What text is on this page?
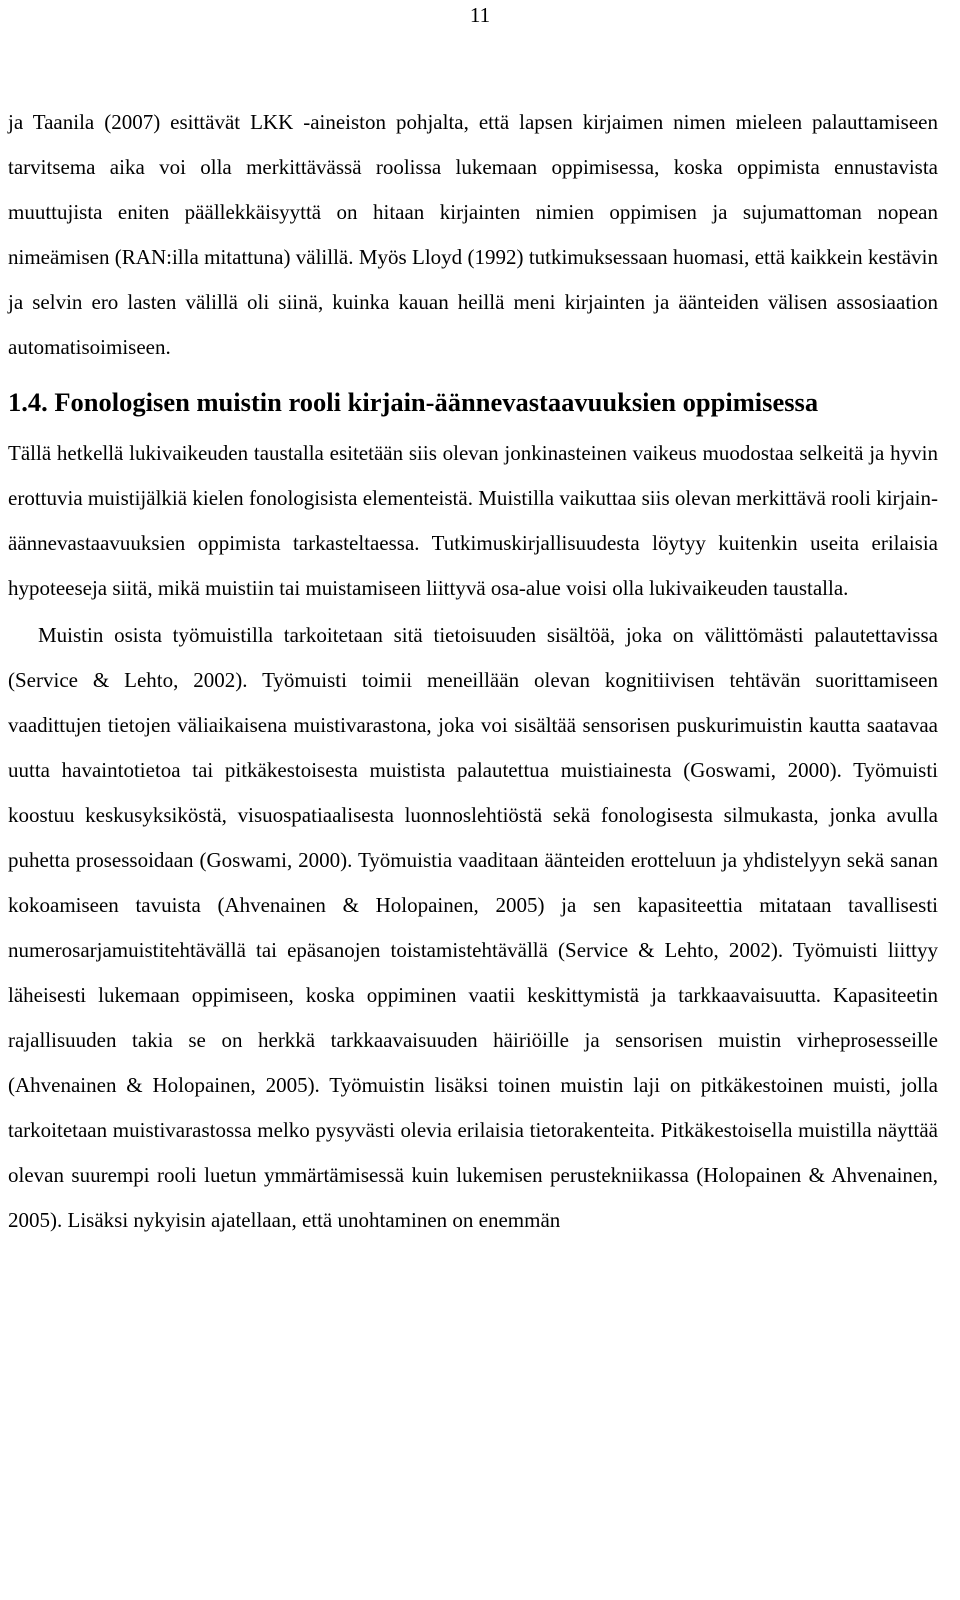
11

ja Taanila (2007) esittävät LKK -aineiston pohjalta, että lapsen kirjaimen nimen mieleen palauttamiseen tarvitsema aika voi olla merkittävässä roolissa lukemaan oppimisessa, koska oppimista ennustavista muuttujista eniten päällekkäisyyttä on hitaan kirjainten nimien oppimisen ja sujumattoman nopean nimeämisen (RAN:illa mitattuna) välillä. Myös Lloyd (1992) tutkimuksessaan huomasi, että kaikkein kestävin ja selvin ero lasten välillä oli siinä, kuinka kauan heillä meni kirjainten ja äänteiden välisen assosiaation automatisoimiseen.

1.4. Fonologisen muistin rooli kirjain-äännevastaavuuksien oppimisessa

Tällä hetkellä lukivaikeuden taustalla esitetään siis olevan jonkinasteinen vaikeus muodostaa selkeitä ja hyvin erottuvia muistijälkiä kielen fonologisista elementeistä. Muistilla vaikuttaa siis olevan merkittävä rooli kirjain-äännevastaavuuksien oppimista tarkasteltaessa. Tutkimuskirjallisuudesta löytyy kuitenkin useita erilaisia hypoteeseja siitä, mikä muistiin tai muistamiseen liittyvä osa-alue voisi olla lukivaikeuden taustalla.

Muistin osista työmuistilla tarkoitetaan sitä tietoisuuden sisältöä, joka on välittömästi palautettavissa (Service & Lehto, 2002). Työmuisti toimii meneillään olevan kognitiivisen tehtävän suorittamiseen vaadittujen tietojen väliaikaisena muistivarastona, joka voi sisältää sensorisen puskurimuistin kautta saatavaa uutta havaintotietoa tai pitkäkestoisesta muistista palautettua muistiainesta (Goswami, 2000). Työmuisti koostuu keskusyksiköstä, visuospatiaalisesta luonnoslehtiöstä sekä fonologisesta silmukasta, jonka avulla puhetta prosessoidaan (Goswami, 2000). Työmuistia vaaditaan äänteiden erotteluun ja yhdistelyyn sekä sanan kokoamiseen tavuista (Ahvenainen & Holopainen, 2005) ja sen kapasiteettia mitataan tavallisesti numerosarjamuistitehtävällä tai epäsanojen toistamistehtävällä (Service & Lehto, 2002). Työmuisti liittyy läheisesti lukemaan oppimiseen, koska oppiminen vaatii keskittymistä ja tarkkaavaisuutta. Kapasiteetin rajallisuuden takia se on herkkä tarkkaavaisuuden häiriöille ja sensorisen muistin virheprosesseille (Ahvenainen & Holopainen, 2005). Työmuistin lisäksi toinen muistin laji on pitkäkestoinen muisti, jolla tarkoitetaan muistivarastossa melko pysyvästi olevia erilaisia tietorakenteita. Pitkäkestoisella muistilla näyttää olevan suurempi rooli luetun ymmärtämisessä kuin lukemisen perustekniikassa (Holopainen & Ahvenainen, 2005). Lisäksi nykyisin ajatellaan, että unohtaminen on enemmän
